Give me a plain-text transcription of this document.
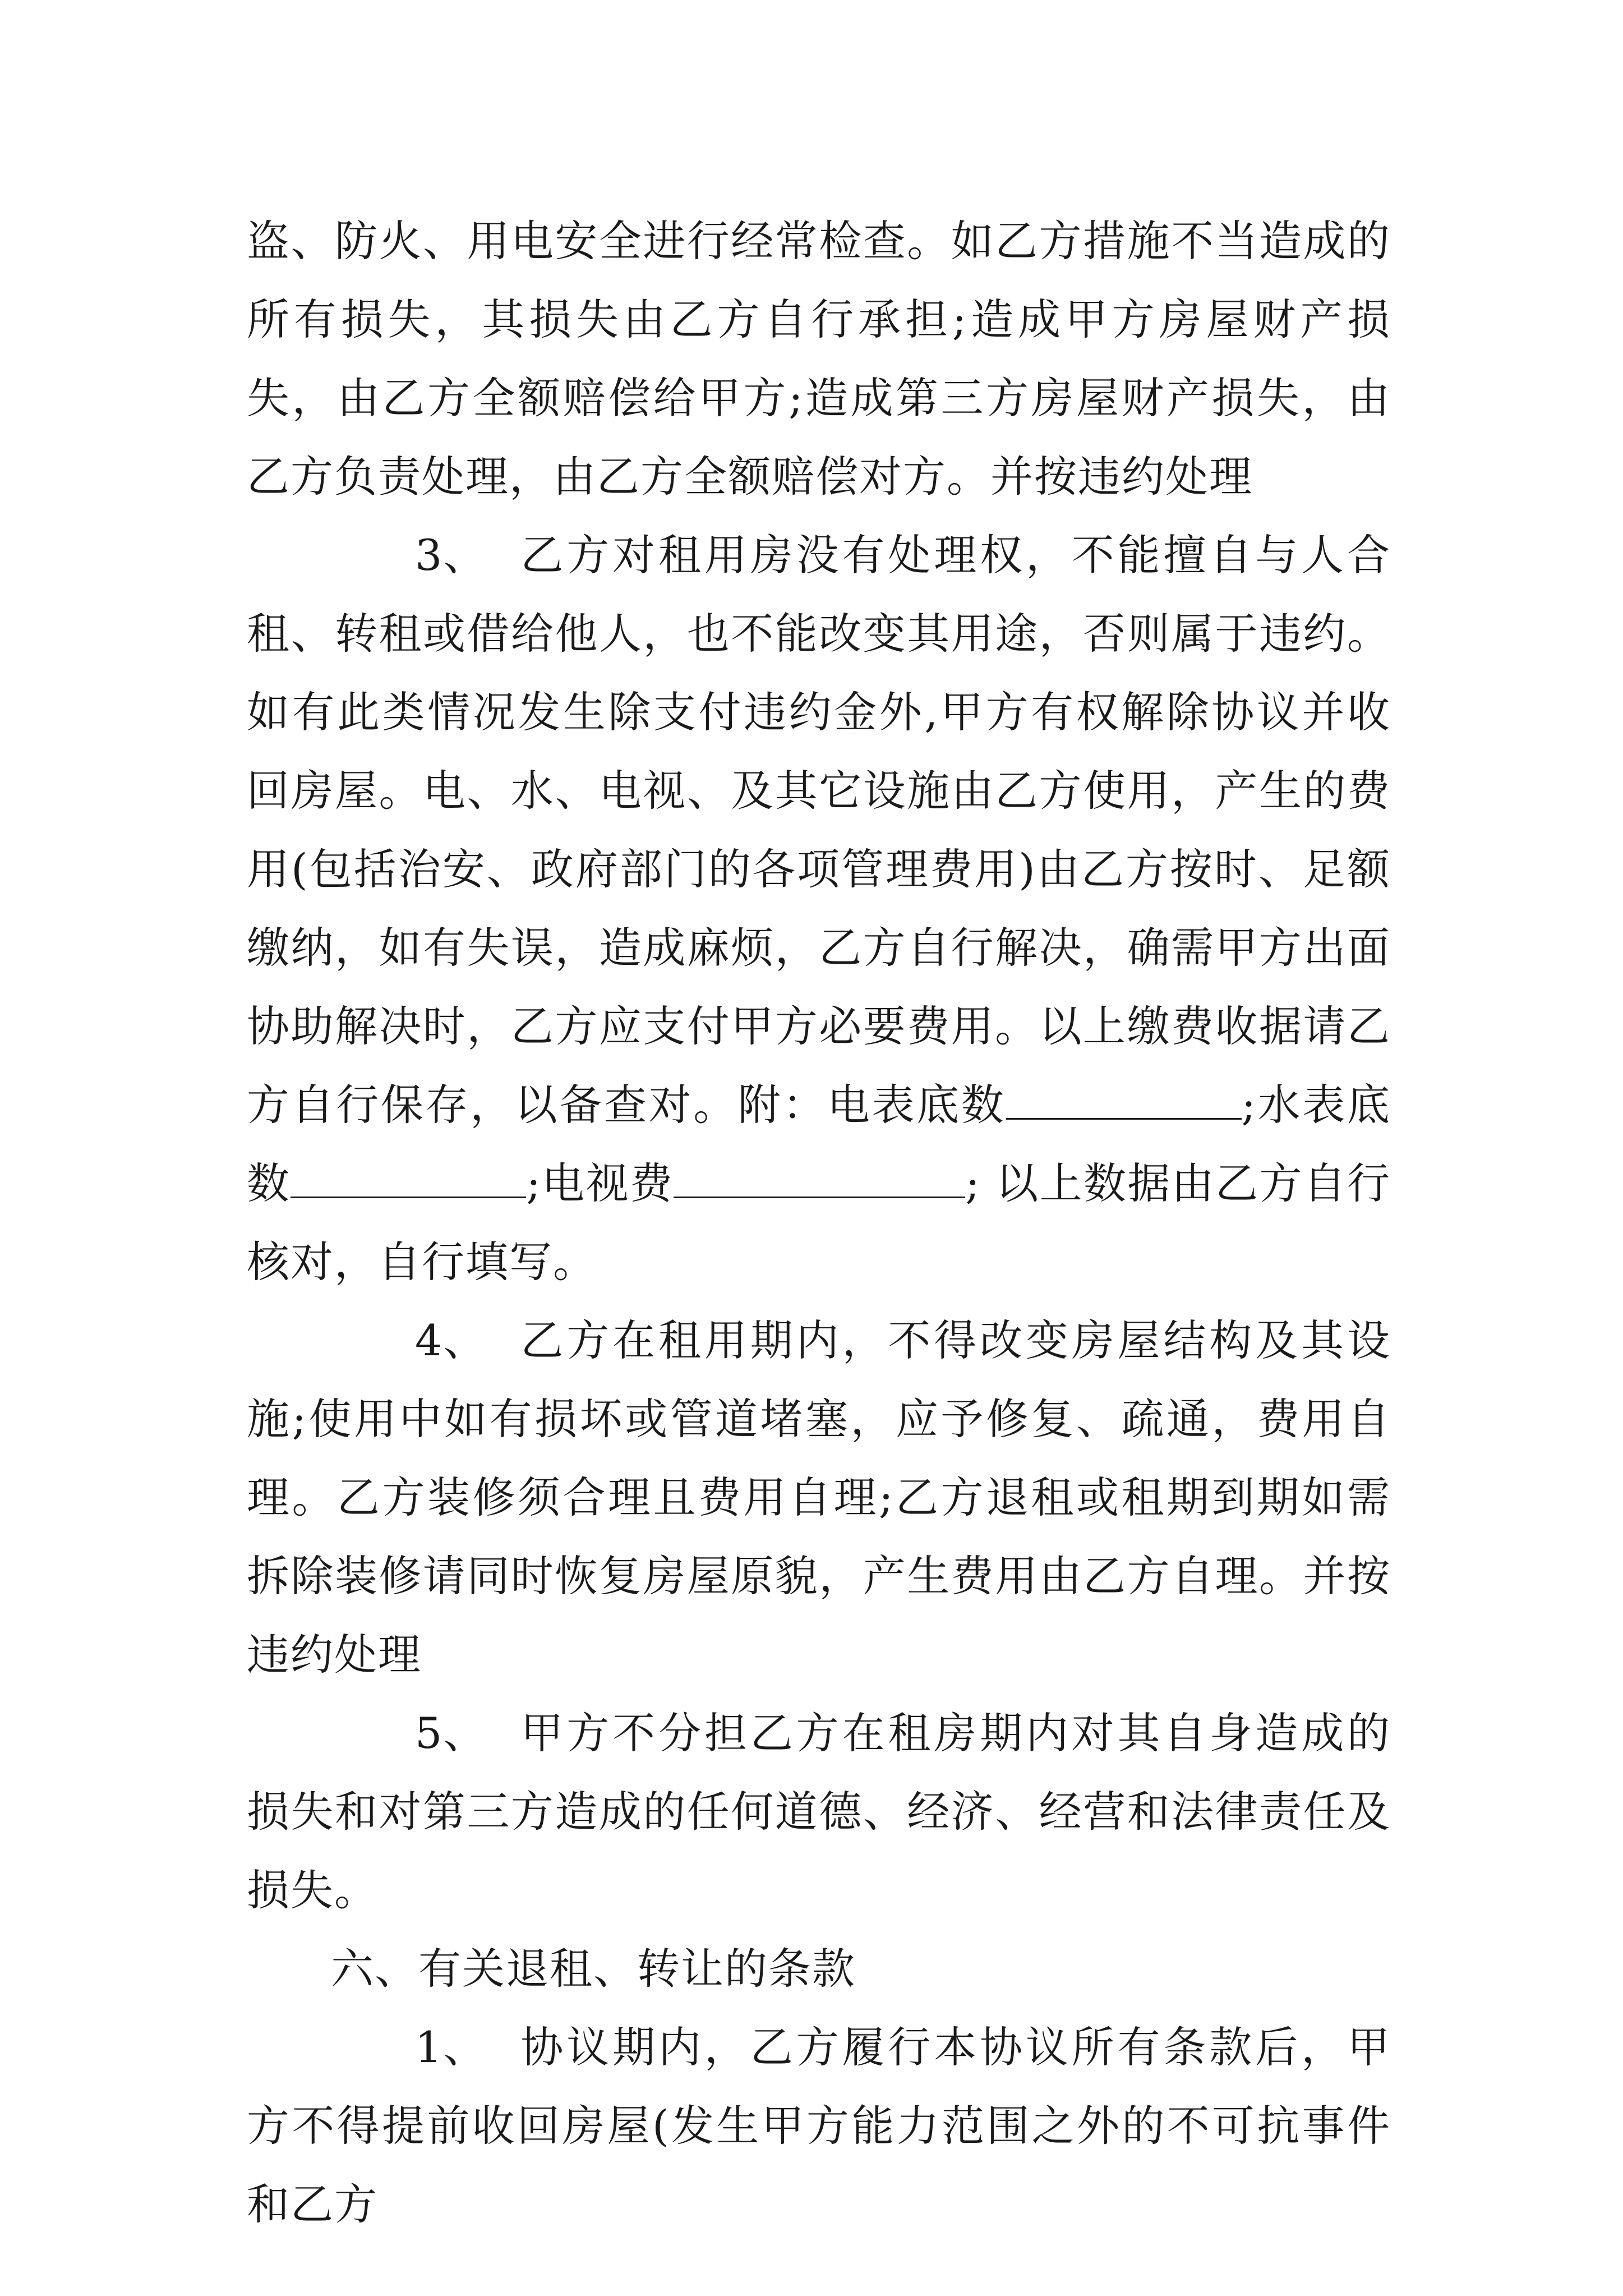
盗、防火、用电安全进行经常检查。如乙方措施不当造成的所有损失，其损失由乙方自行承担;造成甲方房屋财产损失，由乙方全额赔偿给甲方;造成第三方房屋财产损失，由乙方负责处理，由乙方全额赔偿对方。并按违约处理

3、 乙方对租用房没有处理权，不能擅自与人合租、转租或借给他人，也不能改变其用途，否则属于违约。如有此类情况发生除支付违约金外,甲方有权解除协议并收回房屋。电、水、电视、及其它设施由乙方使用，产生的费用(包括治安、政府部门的各项管理费用)由乙方按时、足额缴纳，如有失误，造成麻烦，乙方自行解决，确需甲方出面协助解决时，乙方应支付甲方必要费用。以上缴费收据请乙方自行保存，以备查对。附：电表底数	;水表底数	;电视费	; 以上数据由乙方自行核对，自行填写。

4、 乙方在租用期内，不得改变房屋结构及其设施;使用中如有损坏或管道堵塞，应予修复、疏通，费用自理。乙方装修须合理且费用自理;乙方退租或租期到期如需拆除装修请同时恢复房屋原貌，产生费用由乙方自理。并按违约处理

5、 甲方不分担乙方在租房期内对其自身造成的损失和对第三方造成的任何道德、经济、经营和法律责任及损失。

六、有关退租、转让的条款

1、 协议期内，乙方履行本协议所有条款后，甲方不得提前收回房屋(发生甲方能力范围之外的不可抗事件和乙方
